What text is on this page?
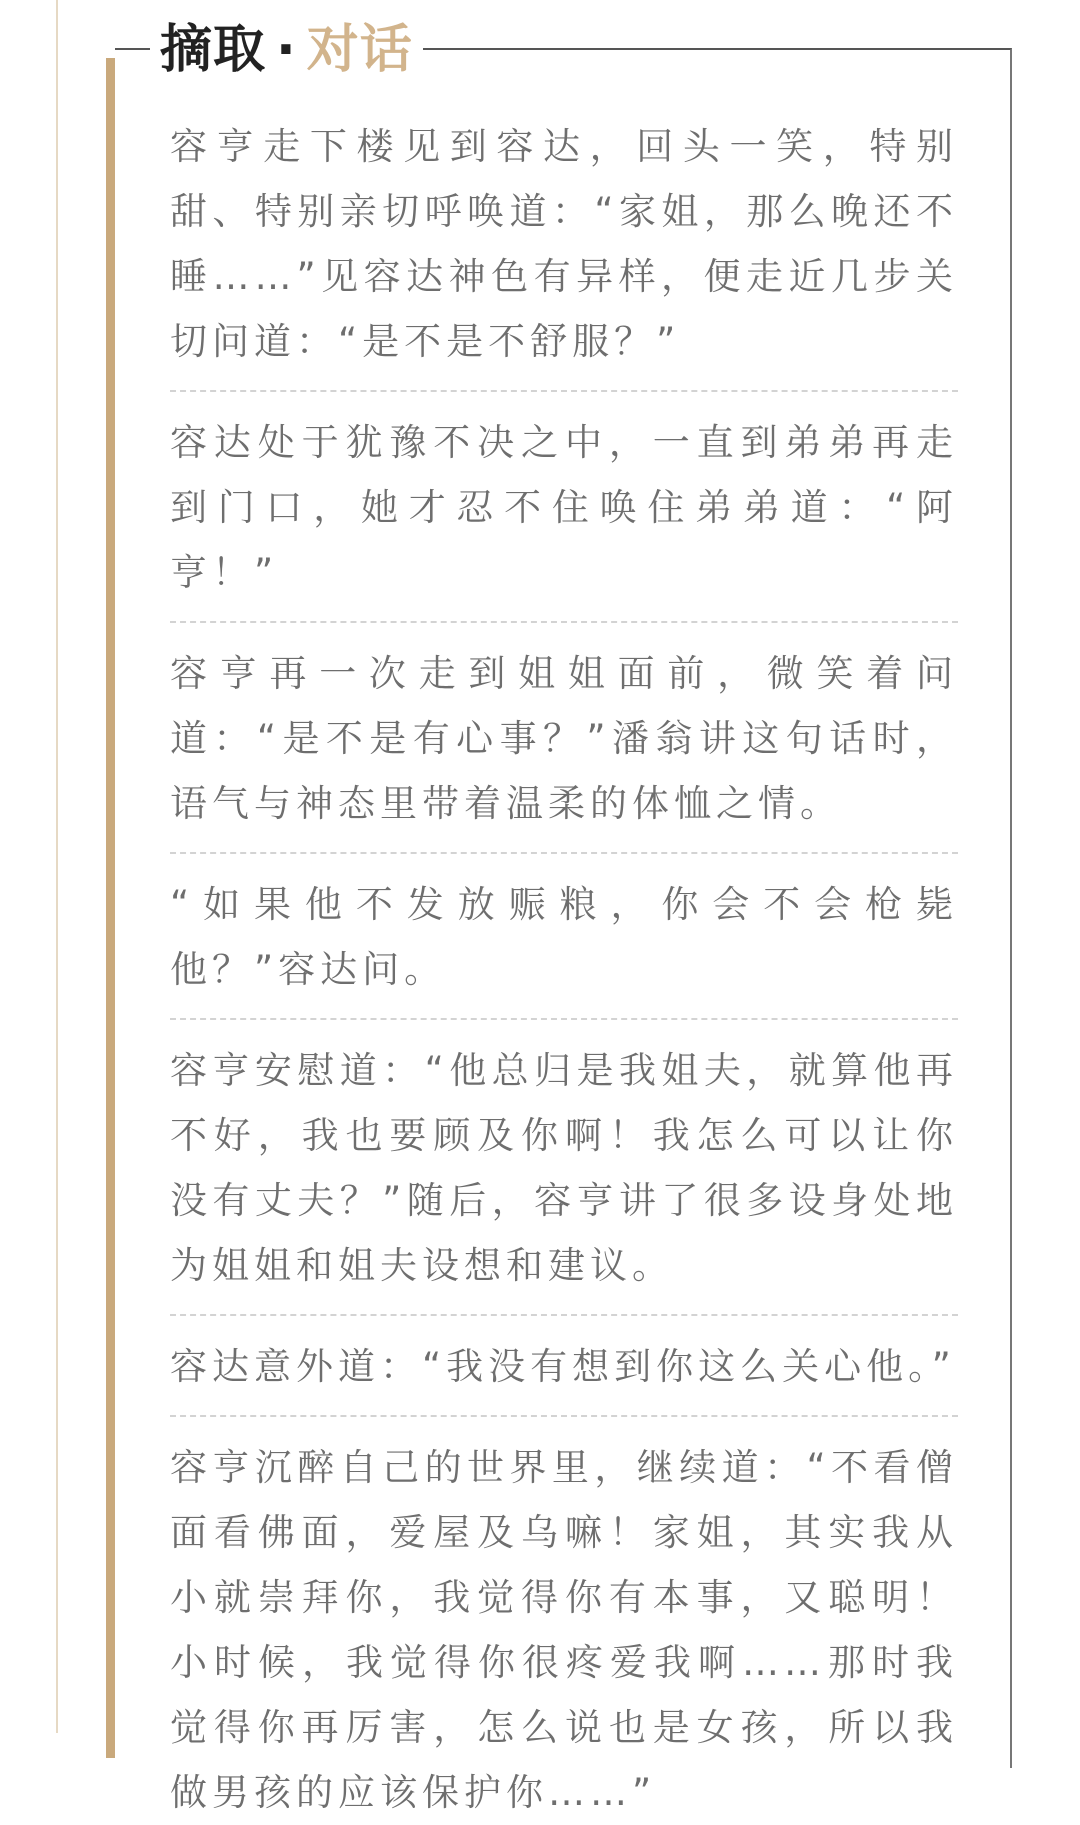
摘取 · 对话

容亨走下楼见到容达，回头一笑，特别甜、特别亲切呼唤道：“家姐，那么晚还不睡……”见容达神色有异样，便走近几步关切问道：“是不是不舒服？”

容达处于犹豫不决之中，一直到弟弟再走到门口，她才忍不住唤住弟弟道：“阿亨！”

容亨再一次走到姐姐面前，微笑着问道：“是不是有心事？”潘翁讲这句话时，语气与神态里带着温柔的体恤之情。

“如果他不发放赈粮，你会不会枪毙他？”容达问。

容亨安慰道：“他总归是我姐夫，就算他再不好，我也要顾及你啊！我怎么可以让你没有丈夫？”随后，容亨讲了很多设身处地为姐姐和姐夫设想和建议。

容达意外道：“我没有想到你这么关心他。”

容亨沉醉自己的世界里，继续道：“不看僧面看佛面，爱屋及乌嘛！家姐，其实我从小就崇拜你，我觉得你有本事，又聪明！小时候，我觉得你很疼爱我啊……那时我觉得你再厉害，怎么说也是女孩，所以我做男孩的应该保护你……”
